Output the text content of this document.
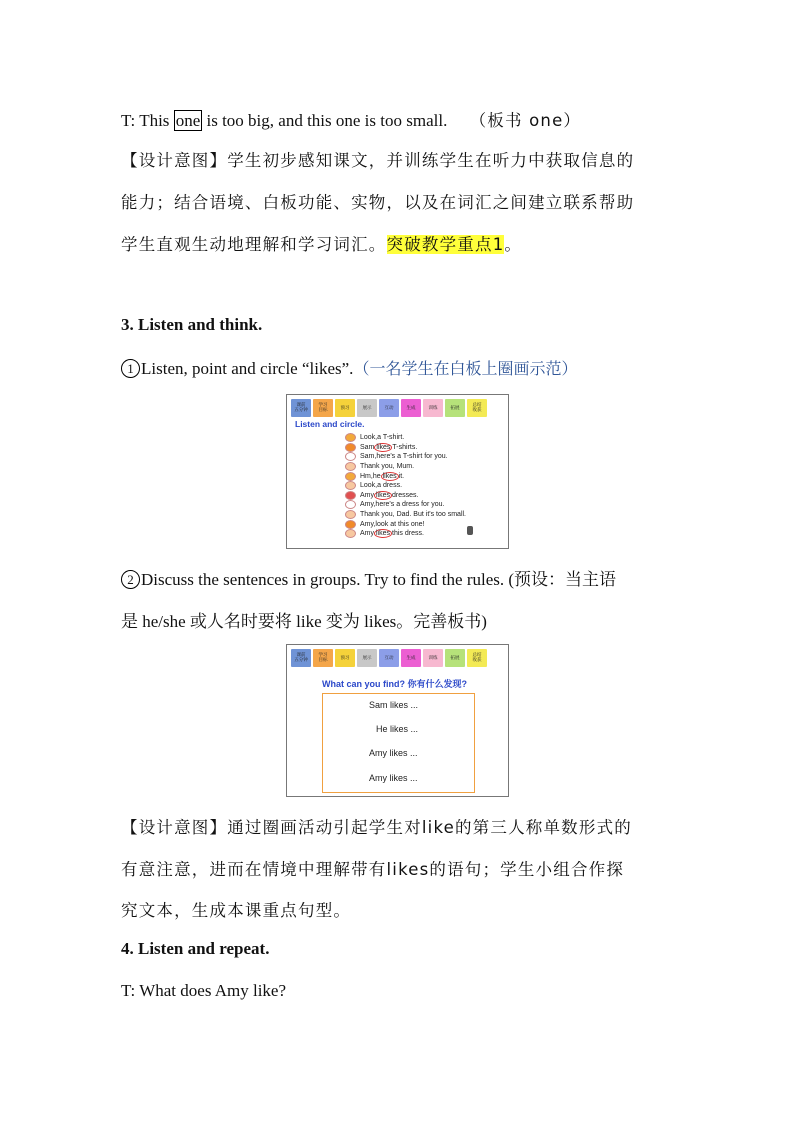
T: This one is too big, and this one is too small. （板书 one）
【设计意图】学生初步感知课文，并训练学生在听力中获取信息的
能力；结合语境、白板功能、实物，以及在词汇之间建立联系帮助
学生直观生动地理解和学习词汇。突破教学重点1。
3. Listen and think.
1 Listen, point and circle “likes”.（一名学生在白板上圈画示范）
课前
五分钟
学习
目标	预习	展示	互动	生成	训练	拓展	总结
收获
Listen and circle.
Look,a T-shirt.
Sam likes T-shirts.
Sam,here's a T-shirt for you.
Thank you, Mum.
Hm,he likes it.
Look,a dress.
Amy likes dresses.
Amy,here's a dress for you.
Thank you, Dad. But it's too small.
Amy,look at this one!
Amy likes this dress.
2 Discuss the sentences in groups. Try to find the rules. (预设：当主语
是 he/she 或人名时要将 like 变为 likes。完善板书)
课前
五分钟
学习
目标	预习	展示	互动	生成	训练	拓展	总结
收获
What can you find? 你有什么发现?
Sam likes ...
He likes ...
Amy likes ...
Amy likes ...
【设计意图】通过圈画活动引起学生对like的第三人称单数形式的
有意注意，进而在情境中理解带有likes的语句；学生小组合作探
究文本，生成本课重点句型。
4. Listen and repeat.
T: What does Amy like?
